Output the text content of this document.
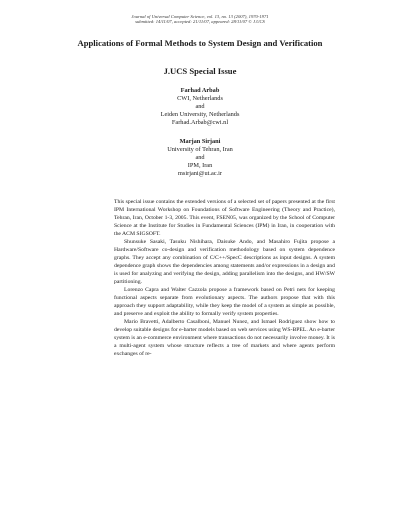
Journal of Universal Computer Science, vol. 13, no. 13 (2007), 1970-1971
submitted: 14/11/07, accepted: 21/11/07, appeared: 28/11/07 © J.UCS
Applications of Formal Methods to System Design and Verification
J.UCS Special Issue
Farhad Arbab
CWI, Netherlands
and
Leiden University, Netherlands
Farhad.Arbab@cwi.nl
Marjan Sirjani
University of Tehran, Iran
and
IPM, Iran
msirjani@ut.ac.ir

This special issue contains the extended versions of a selected set of papers presented at the first IPM International Workshop on Foundations of Software Engineering (Theory and Practice), Tehran, Iran, October 1-3, 2005. This event, FSEN05, was organized by the School of Computer Science at the Institute for Studies in Fundamental Sciences (IPM) in Iran, in cooperation with the ACM SIGSOFT.

Shunsuke Sasaki, Tasuku Nishihara, Daisuke Ando, and Masahiro Fujita propose a Hardware/Software co-design and verification methodology based on system dependence graphs. They accept any combination of C/C++/SpecC descriptions as input designs. A system dependence graph shows the dependencies among statements and/or expressions in a design and is used for analyzing and verifying the design, adding parallelism into the designs, and HW/SW partitioning.

Lorenzo Capra and Walter Cazzola propose a framework based on Petri nets for keeping functional aspects separate from evolutionary aspects. The authors propose that with this approach they support adaptability, while they keep the model of a system as simple as possible, and preserve and exploit the ability to formally verify system properties.

Mario Bravetti, Adalberto Casalboni, Manuel Nunez, and Ismael Rodriguez show how to develop suitable designs for e-barter models based on web services using WS-BPEL. An e-barter system is an e-commerce environment where transactions do not necessarily involve money. It is a multi-agent system whose structure reflects a tree of markets and where agents perform exchanges of re-
